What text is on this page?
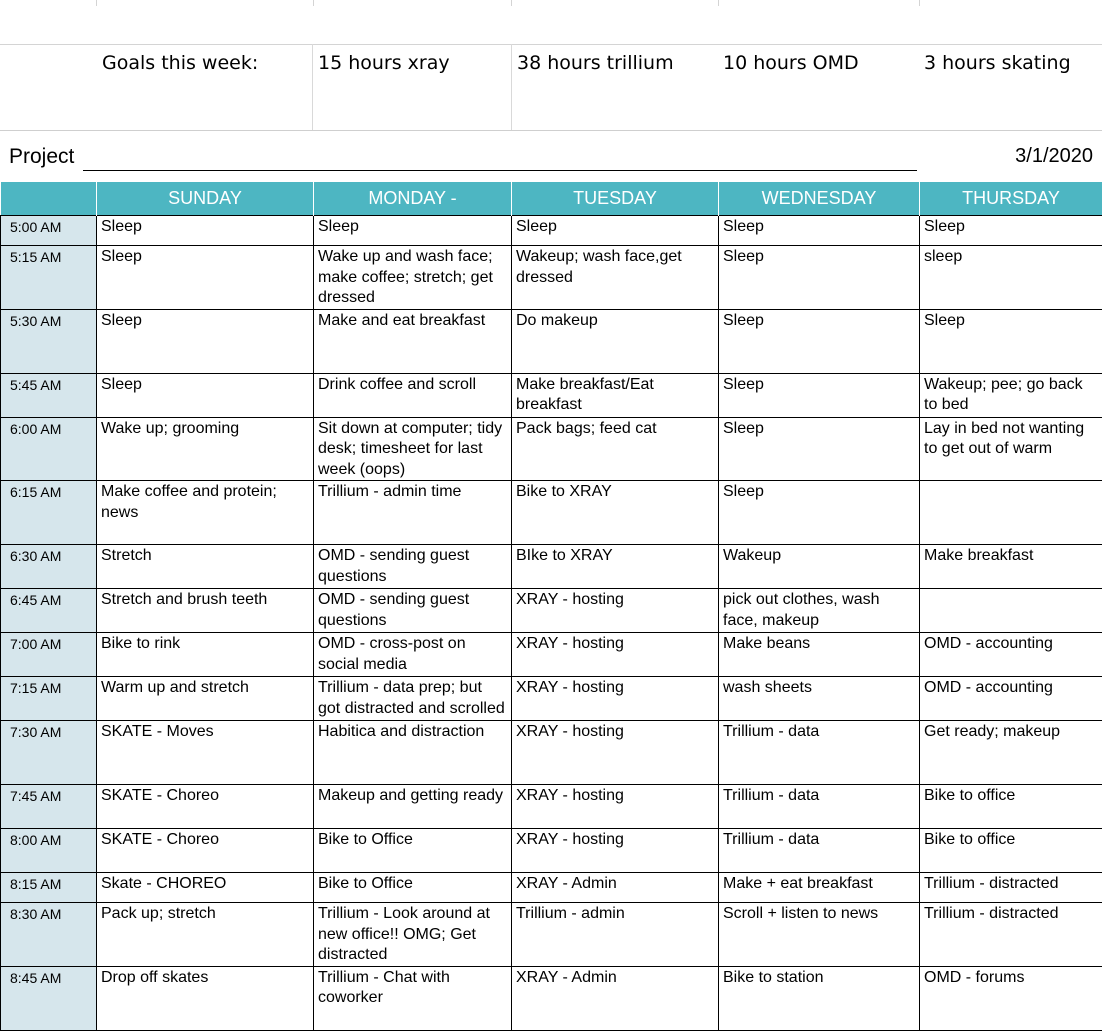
Goals this week:	15 hours xray	38 hours trillium	10 hours OMD	3 hours skating
Project	3/1/2020
	SUNDAY	MONDAY -	TUESDAY	WEDNESDAY	THURSDAY	
5:00 AM	Sleep	Sleep	Sleep	Sleep	Sleep	
5:15 AM	Sleep	Wake up and wash face; make coffee; stretch; get dressed	Wakeup; wash face,get dressed	Sleep	sleep	
5:30 AM	Sleep	Make and eat breakfast	Do makeup	Sleep	Sleep	
5:45 AM	Sleep	Drink coffee and scroll	Make breakfast/Eat breakfast	Sleep	Wakeup; pee; go back to bed	
6:00 AM	Wake up; grooming	Sit down at computer; tidy desk; timesheet for last week (oops)	Pack bags; feed cat	Sleep	Lay in bed not wanting to get out of warm	
6:15 AM	Make coffee and protein; news	Trillium - admin time	Bike to XRAY	Sleep		
6:30 AM	Stretch	OMD - sending guest questions	BIke to XRAY	Wakeup	Make breakfast	
6:45 AM	Stretch and brush teeth	OMD - sending guest questions	XRAY - hosting	pick out clothes, wash face, makeup		
7:00 AM	Bike to rink	OMD - cross-post on social media	XRAY - hosting	Make beans	OMD - accounting	
7:15 AM	Warm up and stretch	Trillium - data prep; but got distracted and scrolled	XRAY - hosting	wash sheets	OMD - accounting	
7:30 AM	SKATE - Moves	Habitica and distraction	XRAY - hosting	Trillium - data	Get ready; makeup	
7:45 AM	SKATE - Choreo	Makeup and getting ready	XRAY - hosting	Trillium - data	Bike to office	
8:00 AM	SKATE - Choreo	Bike to Office	XRAY - hosting	Trillium - data	Bike to office	
8:15 AM	Skate - CHOREO	Bike to Office	XRAY - Admin	Make + eat breakfast	Trillium - distracted	
8:30 AM	Pack up; stretch	Trillium - Look around at new office!! OMG; Get distracted	Trillium - admin	Scroll + listen to news	Trillium - distracted	
8:45 AM	Drop off skates	Trillium - Chat with coworker	XRAY - Admin	Bike to station	OMD - forums	
